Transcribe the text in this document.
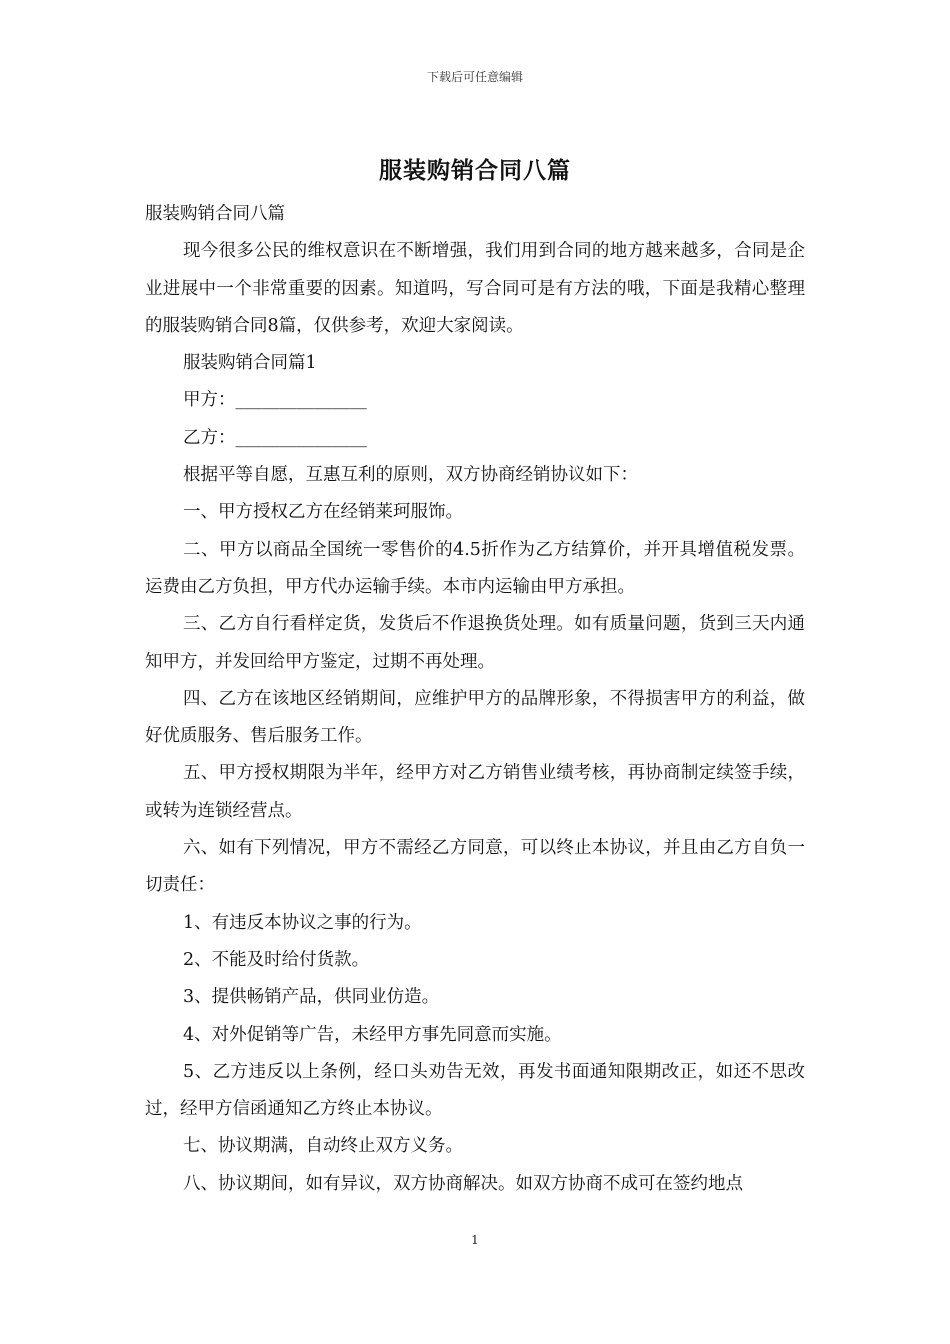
下载后可任意编辑
服装购销合同八篇

服装购销合同八篇

现今很多公民的维权意识在不断增强，我们用到合同的地方越来越多，合同是企业进展中一个非常重要的因素。知道吗，写合同可是有方法的哦，下面是我精心整理的服装购销合同8篇，仅供参考，欢迎大家阅读。

服装购销合同篇1

甲方：_______________

乙方：_______________

根据平等自愿，互惠互利的原则，双方协商经销协议如下：

一、甲方授权乙方在经销莱珂服饰。

二、甲方以商品全国统一零售价的4.5折作为乙方结算价，并开具增值税发票。运费由乙方负担，甲方代办运输手续。本市内运输由甲方承担。

三、乙方自行看样定货，发货后不作退换货处理。如有质量问题，货到三天内通知甲方，并发回给甲方鉴定，过期不再处理。

四、乙方在该地区经销期间，应维护甲方的品牌形象，不得损害甲方的利益，做好优质服务、售后服务工作。

五、甲方授权期限为半年，经甲方对乙方销售业绩考核，再协商制定续签手续，或转为连锁经营点。

六、如有下列情况，甲方不需经乙方同意，可以终止本协议，并且由乙方自负一切责任：

1、有违反本协议之事的行为。

2、不能及时给付货款。

3、提供畅销产品，供同业仿造。

4、对外促销等广告，未经甲方事先同意而实施。

5、乙方违反以上条例，经口头劝告无效，再发书面通知限期改正，如还不思改过，经甲方信函通知乙方终止本协议。

七、协议期满，自动终止双方义务。

八、协议期间，如有异议，双方协商解决。如双方协商不成可在签约地点

1
